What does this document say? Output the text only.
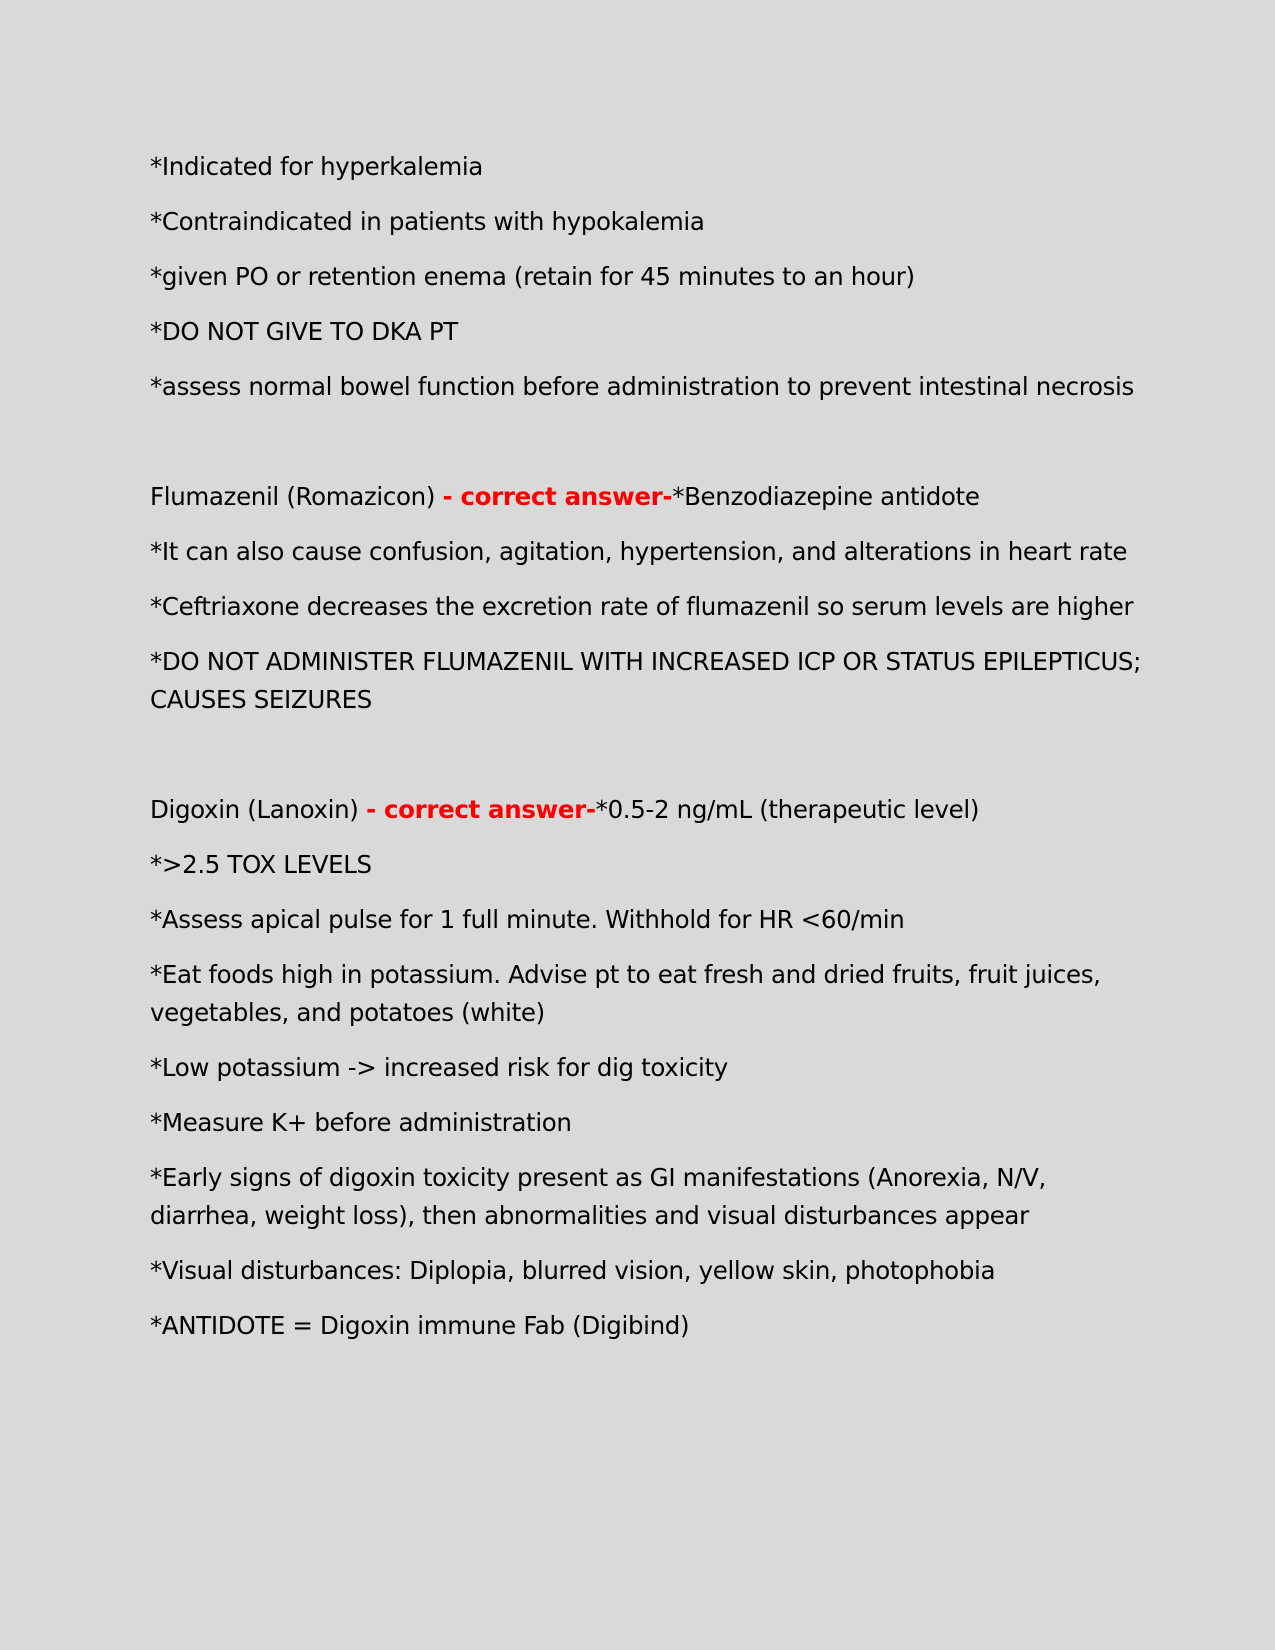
*Indicated for hyperkalemia

*Contraindicated in patients with hypokalemia

*given PO or retention enema (retain for 45 minutes to an hour)

*DO NOT GIVE TO DKA PT

*assess normal bowel function before administration to prevent intestinal necrosis

Flumazenil (Romazicon) - correct answer-*Benzodiazepine antidote

*It can also cause confusion, agitation, hypertension, and alterations in heart rate

*Ceftriaxone decreases the excretion rate of flumazenil so serum levels are higher

*DO NOT ADMINISTER FLUMAZENIL WITH INCREASED ICP OR STATUS EPILEPTICUS; CAUSES SEIZURES

Digoxin (Lanoxin) - correct answer-*0.5-2 ng/mL (therapeutic level)

*>2.5 TOX LEVELS

*Assess apical pulse for 1 full minute. Withhold for HR <60/min

*Eat foods high in potassium. Advise pt to eat fresh and dried fruits, fruit juices, vegetables, and potatoes (white)

*Low potassium -> increased risk for dig toxicity

*Measure K+ before administration

*Early signs of digoxin toxicity present as GI manifestations (Anorexia, N/V, diarrhea, weight loss), then abnormalities and visual disturbances appear

*Visual disturbances: Diplopia, blurred vision, yellow skin, photophobia

*ANTIDOTE = Digoxin immune Fab (Digibind)
